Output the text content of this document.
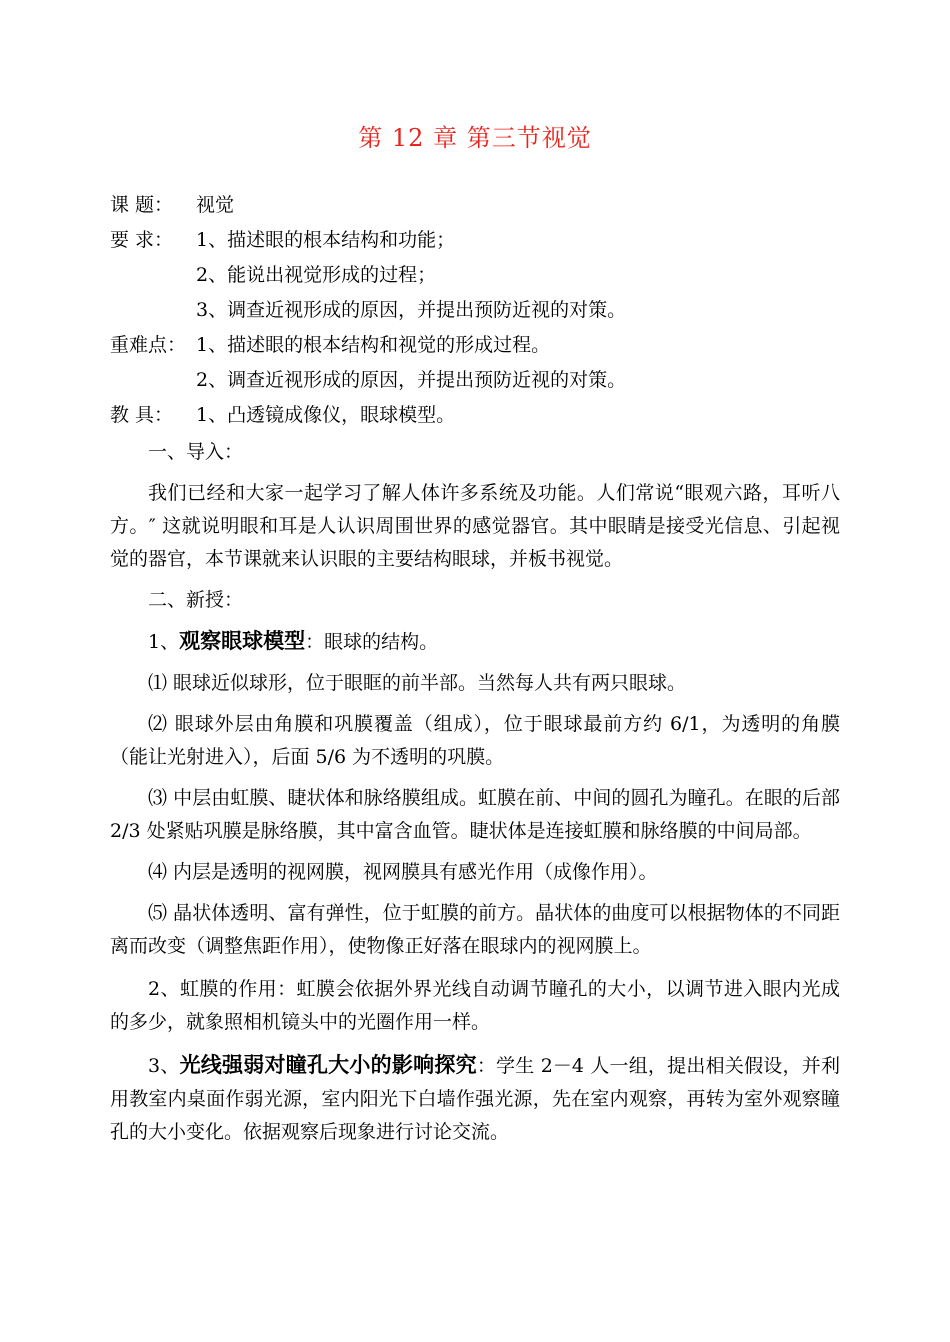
第 12 章 第三节视觉
课 题：	视觉
要 求：	1、描述眼的根本结构和功能；
2、能说出视觉形成的过程；
3、调查近视形成的原因，并提出预防近视的对策。
重难点： 1、描述眼的根本结构和视觉的形成过程。
2、调查近视形成的原因，并提出预防近视的对策。
教 具：	1、凸透镜成像仪，眼球模型。

一、导入：

我们已经和大家一起学习了解人体许多系统及功能。人们常说“眼观六路，耳听八方。″ 这就说明眼和耳是人认识周围世界的感觉器官。其中眼睛是接受光信息、引起视觉的器官，本节课就来认识眼的主要结构眼球，并板书视觉。

二、新授：

1、观察眼球模型：眼球的结构。

⑴ 眼球近似球形，位于眼眶的前半部。当然每人共有两只眼球。

⑵ 眼球外层由角膜和巩膜覆盖（组成），位于眼球最前方约 6/1，为透明的角膜（能让光射进入），后面 5/6 为不透明的巩膜。

⑶ 中层由虹膜、睫状体和脉络膜组成。虹膜在前、中间的圆孔为瞳孔。在眼的后部 2/3 处紧贴巩膜是脉络膜，其中富含血管。睫状体是连接虹膜和脉络膜的中间局部。

⑷ 内层是透明的视网膜，视网膜具有感光作用（成像作用）。

⑸ 晶状体透明、富有弹性，位于虹膜的前方。晶状体的曲度可以根据物体的不同距离而改变（调整焦距作用），使物像正好落在眼球内的视网膜上。

2、虹膜的作用：虹膜会依据外界光线自动调节瞳孔的大小，以调节进入眼内光成的多少，就象照相机镜头中的光圈作用一样。

3、光线强弱对瞳孔大小的影响探究：学生 2－4 人一组，提出相关假设，并利用教室内桌面作弱光源，室内阳光下白墙作强光源，先在室内观察，再转为室外观察瞳孔的大小变化。依据观察后现象进行讨论交流。
